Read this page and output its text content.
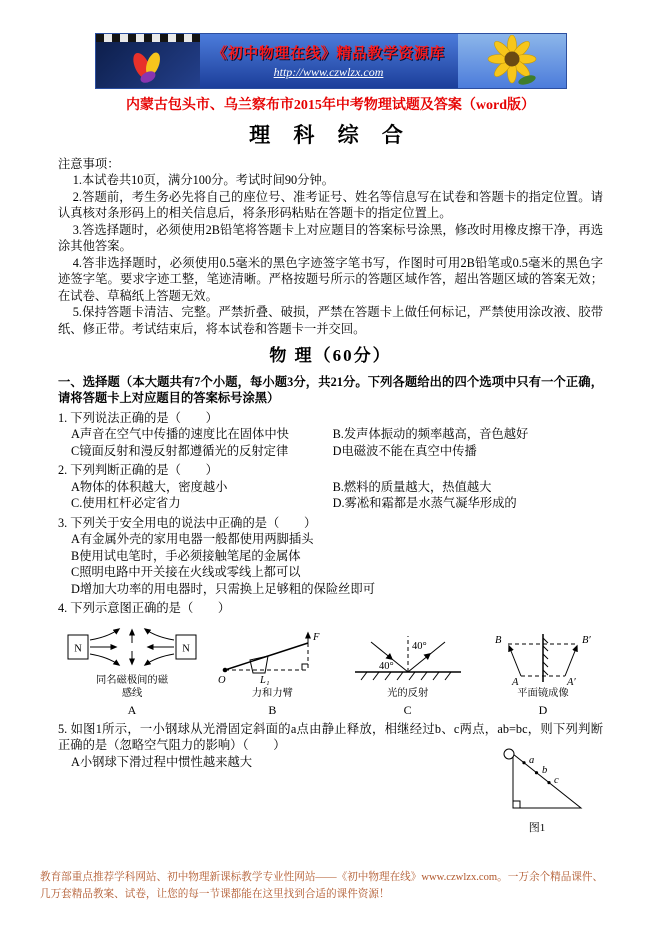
《初中物理在线》精品教学资源库
http://www.czwlzx.com
内蒙古包头市、乌兰察布市2015年中考物理试题及答案（word版）
理 科 综 合
注意事项：

1.本试卷共10页，满分100分。考试时间90分钟。

2.答题前，考生务必先将自己的座位号、准考证号、姓名等信息写在试卷和答题卡的指定位置。请认真核对条形码上的相关信息后，将条形码粘贴在答题卡的指定位置上。

3.答选择题时，必须使用2B铅笔将答题卡上对应题目的答案标号涂黑，修改时用橡皮擦干净，再选涂其他答案。

4.答非选择题时，必须使用0.5毫米的黑色字迹签字笔书写，作图时可用2B铅笔或0.5毫米的黑色字迹签字笔。要求字迹工整，笔迹清晰。严格按题号所示的答题区域作答，超出答题区域的答案无效；在试卷、草稿纸上答题无效。

5.保持答题卡清洁、完整。严禁折叠、破损，严禁在答题卡上做任何标记，严禁使用涂改液、胶带纸、修正带。考试结束后，将本试卷和答题卡一并交回。

物 理（60分）
一、选择题（本大题共有7个小题，每小题3分，共21分。下列各题给出的四个选项中只有一个正确，请将答题卡上对应题目的答案标号涂黑）

1. 下列说法正确的是（　　）

A声音在空气中传播的速度比在固体中快	B.发声体振动的频率越高，音色越好

C镜面反射和漫反射都遵循光的反射定律	D电磁波不能在真空中传播

2. 下列判断正确的是（　　）

A物体的体积越大，密度越小	B.燃料的质量越大，热值越大

C.使用杠杆必定省力	D.雾凇和霜都是水蒸气凝华形成的

3. 下列关于安全用电的说法中正确的是（　　）

A有金属外壳的家用电器一般都使用两脚插头

B使用试电笔时，手必须接触笔尾的金属体

C照明电路中开关接在火线或零线上都可以

D增加大功率的用电器时，只需换上足够粗的保险丝即可

4. 下列示意图正确的是（　　）

N	N
同名磁极间的磁感线
A
O	L₁
F
力和力臂
B
40°
40°
光的反射
C
B	B′
A	A′
平面镜成像
D

5. 如图1所示，一小钢球从光滑固定斜面的a点由静止释放，相继经过b、c两点，ab=bc，则下列判断正确的是（忽略空气阻力的影响）（　　）

A小钢球下滑过程中惯性越来越大	a
b
c
图1

教育部重点推荐学科网站、初中物理新课标教学专业性网站——《初中物理在线》www.czwlzx.com。一万余个精品课件、

几万套精品教案、试卷，让您的每一节课都能在这里找到合适的课件资源！
